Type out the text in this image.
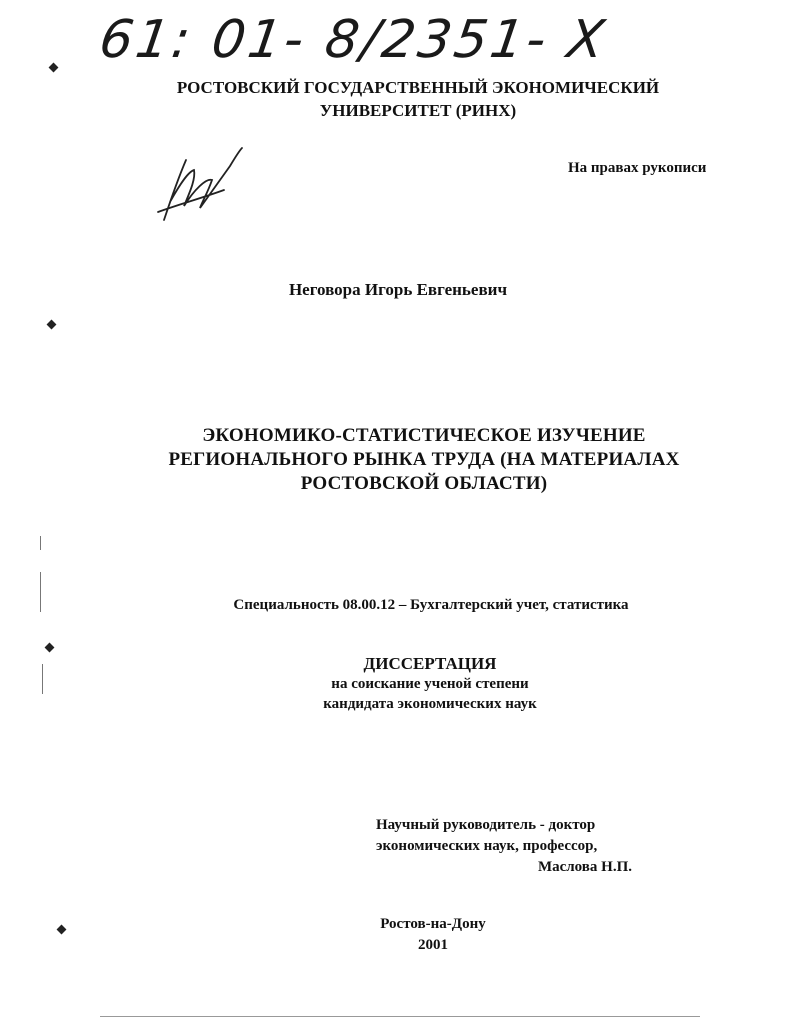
61: 01- 8/2351- X
РОСТОВСКИЙ ГОСУДАРСТВЕННЫЙ ЭКОНОМИЧЕСКИЙ
УНИВЕРСИТЕТ (РИНХ)
На правах рукописи
Неговора Игорь Евгеньевич
ЭКОНОМИКО-СТАТИСТИЧЕСКОЕ ИЗУЧЕНИЕ
РЕГИОНАЛЬНОГО РЫНКА ТРУДА (НА МАТЕРИАЛАХ
РОСТОВСКОЙ ОБЛАСТИ)
Специальность 08.00.12 – Бухгалтерский учет, статистика
ДИССЕРТАЦИЯ
на соискание ученой степени
кандидата экономических наук
Научный руководитель - доктор
экономических наук, профессор,
Маслова Н.П.
Ростов-на-Дону
2001
